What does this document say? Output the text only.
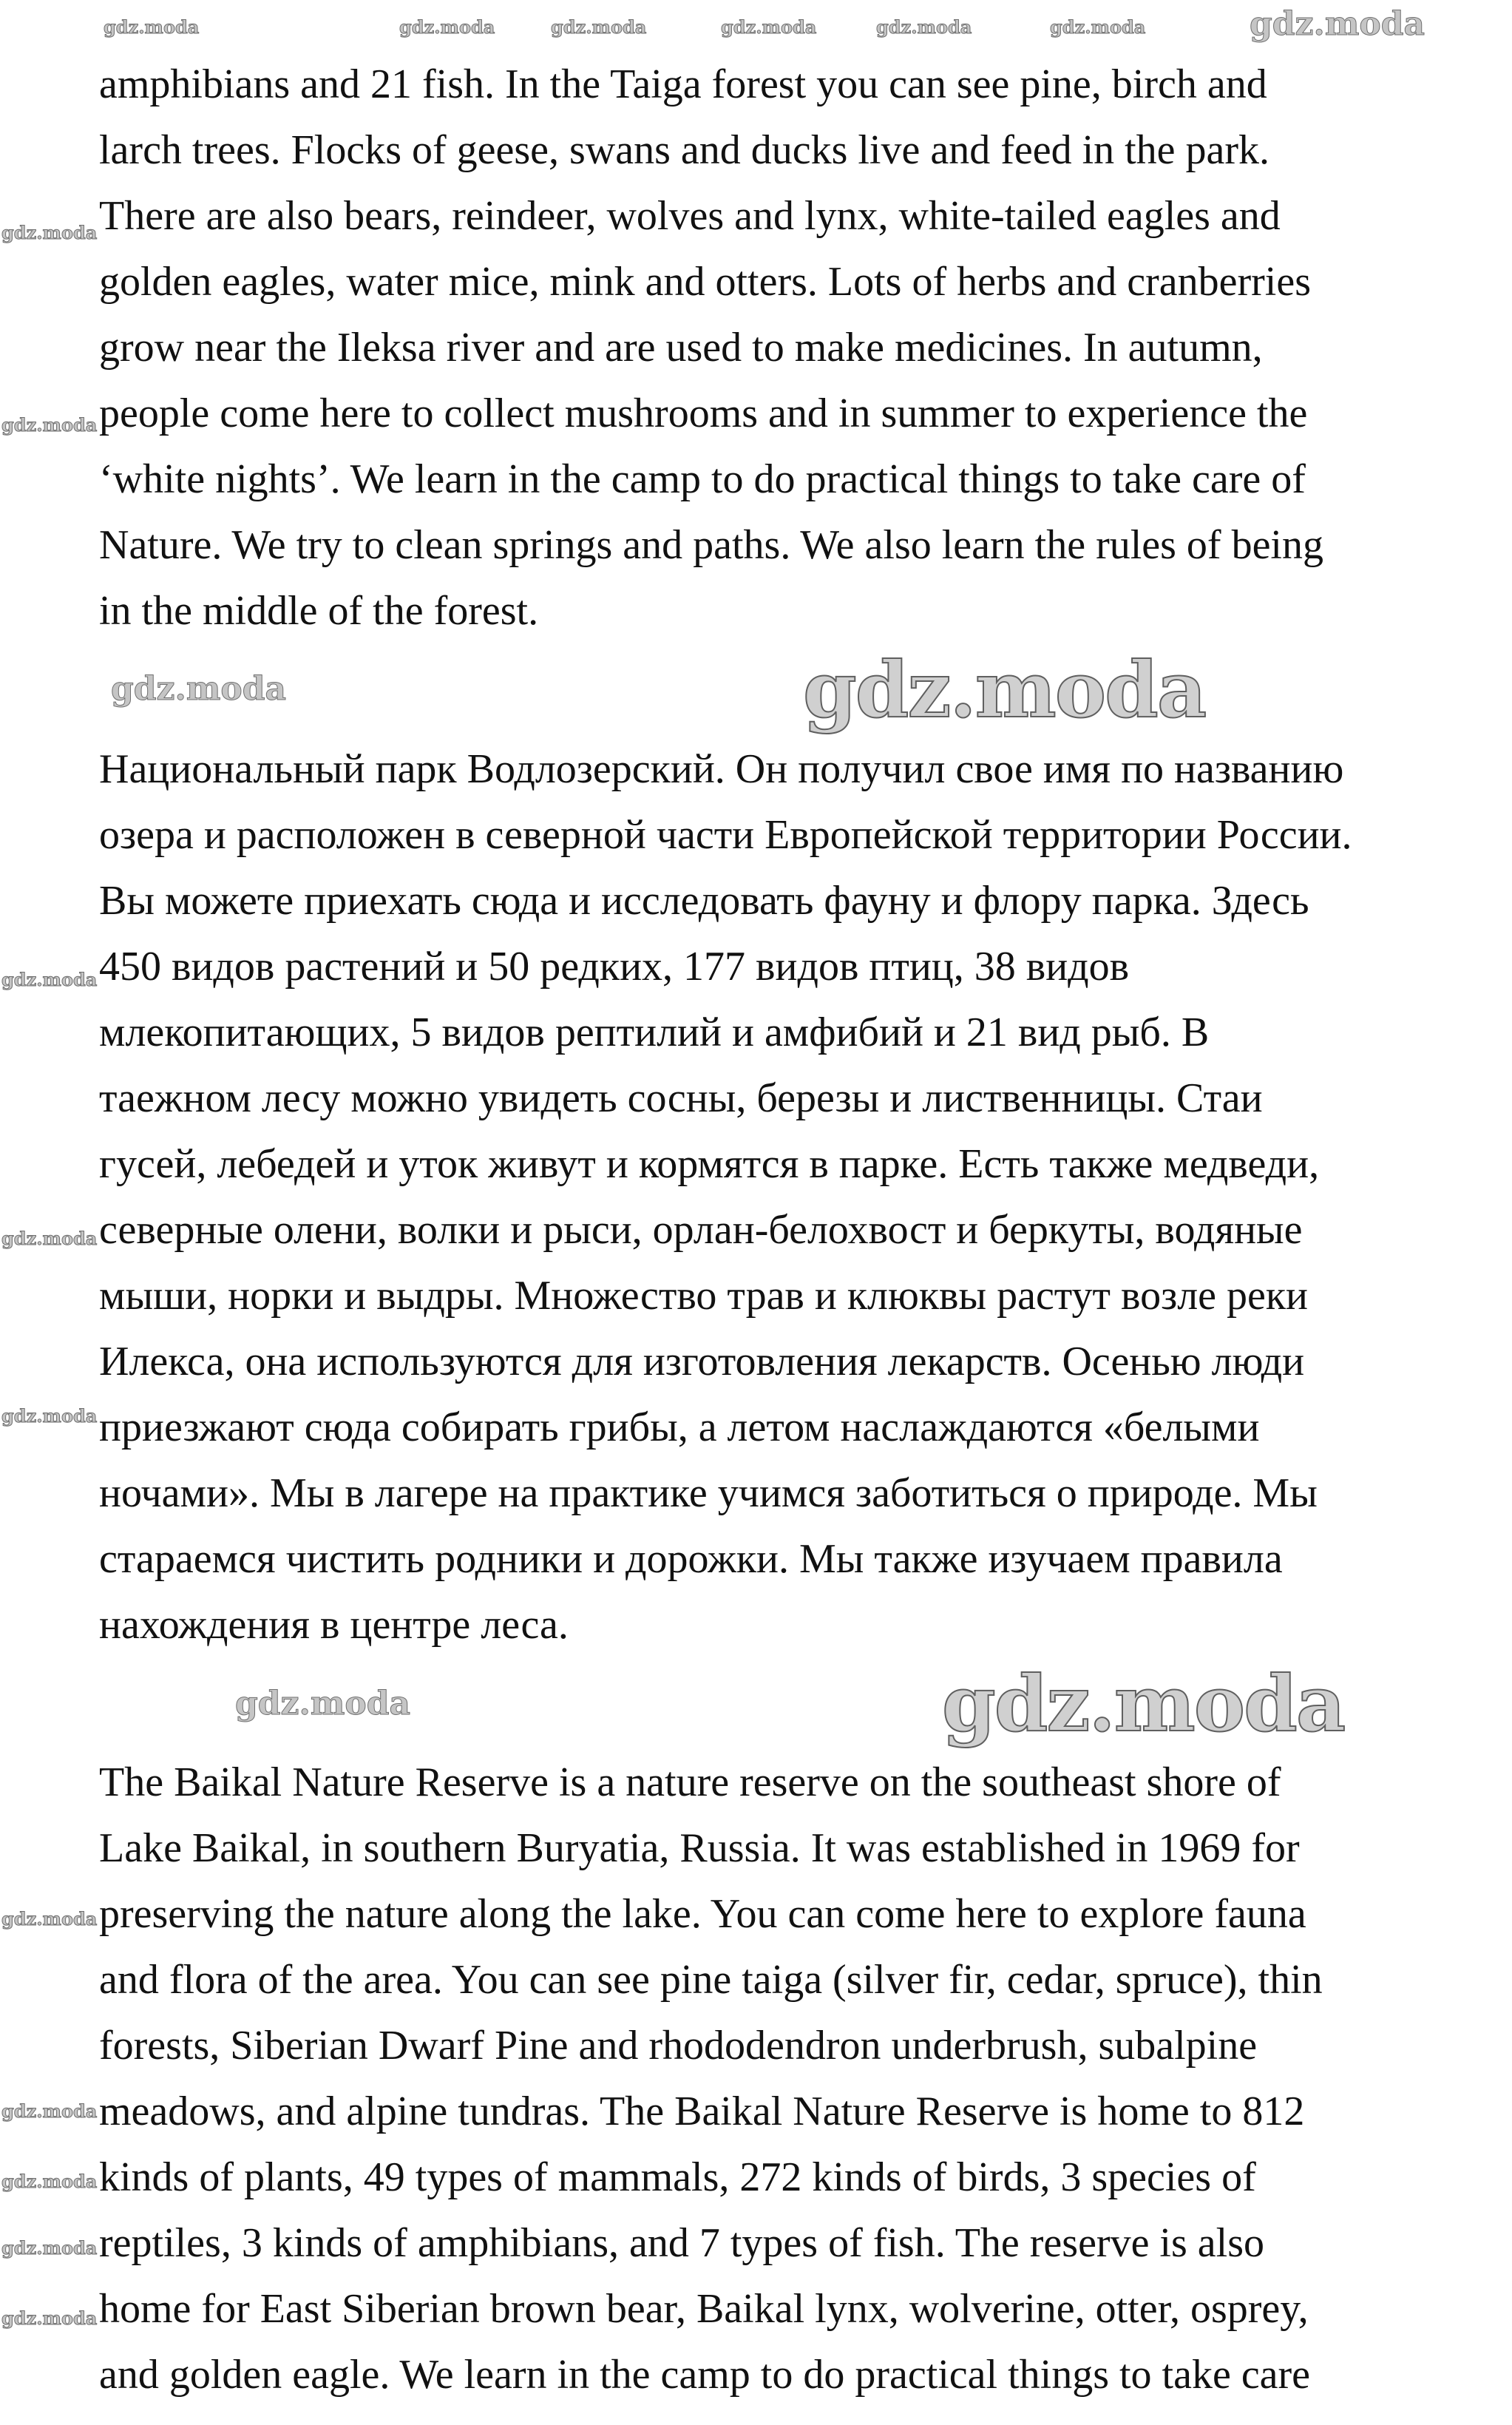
amphibians and 21 fish. In the Taiga forest you can see pine, birch and
larch trees. Flocks of geese, swans and ducks live and feed in the park.
There are also bears, reindeer, wolves and lynx, white-tailed eagles and
golden eagles, water mice, mink and otters. Lots of herbs and cranberries
grow near the Ileksa river and are used to make medicines. In autumn,
people come here to collect mushrooms and in summer to experience the
‘white nights’. We learn in the camp to do practical things to take care of
Nature. We try to clean springs and paths. We also learn the rules of being
in the middle of the forest.
Национальный парк Водлозерский. Он получил свое имя по названию
озера и расположен в северной части Европейской территории России.
Вы можете приехать сюда и исследовать фауну и флору парка. Здесь
450 видов растений и 50 редких, 177 видов птиц, 38 видов
млекопитающих, 5 видов рептилий и амфибий и 21 вид рыб. В
таежном лесу можно увидеть сосны, березы и лиственницы. Стаи
гусей, лебедей и уток живут и кормятся в парке. Есть также медведи,
северные олени, волки и рыси, орлан-белохвост и беркуты, водяные
мыши, норки и выдры. Множество трав и клюквы растут возле реки
Илекса, она используются для изготовления лекарств. Осенью люди
приезжают сюда собирать грибы, а летом наслаждаются «белыми
ночами». Мы в лагере на практике учимся заботиться о природе. Мы
стараемся чистить родники и дорожки. Мы также изучаем правила
нахождения в центре леса.
The Baikal Nature Reserve is a nature reserve on the southeast shore of
Lake Baikal, in southern Buryatia, Russia. It was established in 1969 for
preserving the nature along the lake. You can come here to explore fauna
and flora of the area. You can see pine taiga (silver fir, cedar, spruce), thin
forests, Siberian Dwarf Pine and rhododendron underbrush, subalpine
meadows, and alpine tundras. The Baikal Nature Reserve is home to 812
kinds of plants, 49 types of mammals, 272 kinds of birds, 3 species of
reptiles, 3 kinds of amphibians, and 7 types of fish. The reserve is also
home for East Siberian brown bear, Baikal lynx, wolverine, otter, osprey,
and golden eagle. We learn in the camp to do practical things to take care
gdz.moda
gdz.moda
gdz.moda
gdz.moda
gdz.moda
gdz.moda	gdz.moda	gdz.moda	gdz.moda	gdz.moda
gdz.moda
gdz.moda
gdz.moda
gdz.moda
gdz.moda
gdz.moda
gdz.moda
gdz.moda
gdz.moda
gdz.moda
gdz.moda
